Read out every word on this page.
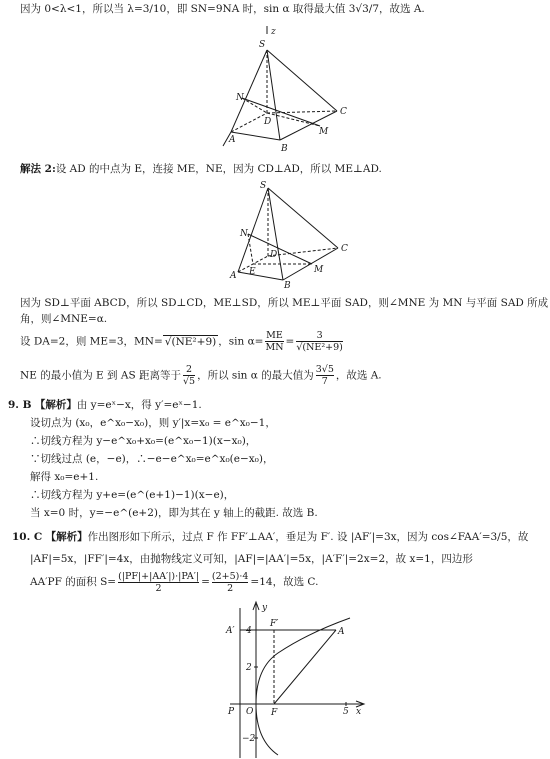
因为 0<λ<1，所以当 λ=3/10，即 SN=9NA 时，sin α 取得最大值 3√3/7，故选 A.
z
S
N
D
C
A
B
M
解法 2:设 AD 的中点为 E，连接 ME，NE，因为 CD⊥AD，所以 ME⊥AD.
S
N
D
C
A E
B
M
因为 SD⊥平面 ABCD，所以 SD⊥CD，ME⊥SD，所以 ME⊥平面 SAD，则∠MNE 为 MN 与平面 SAD 所成
角，则∠MNE=α.
设 DA=2，则 ME=3，MN= √(NE²+9) ，$\sin \alpha= \frac{ME}{MN} = \frac{3}{\text{√(NE²+9)}}$
NE 的最小值为 E 到 AS 距离等于 $\frac{2}{√5}$ ，所以 sin α 的最大值为 $\frac{3√5}{7}$ ，故选 A.
9. B 【解析】由 y=eˣ−x，得 y′=eˣ−1.
设切点为 (x₀，e^x₀−x₀)，则 y′|x=x₀ = e^x₀−1，
∴切线方程为 y−e^x₀+x₀=(e^x₀−1)(x−x₀)，
∵切线过点 (e，−e)，∴−e−e^x₀=e^x₀(e−x₀)，
解得 x₀=e+1.
∴切线方程为 y+e=(e^(e+1)−1)(x−e)，
当 x=0 时，y=−e^(e+2)，即为其在 y 轴上的截距. 故选 B.
10. C 【解析】作出图形如下所示，过点 F 作 FF′⊥AA′，垂足为 F′. 设 |AF′|=3x，因为 cos∠FAA′=3/5，故
|AF|=5x，|FF′|=4x，由抛物线定义可知，|AF|=|AA′|=5x，|A′F′|=2x=2，故 x=1，四边形
AA′PF 的面积 $S= \frac{(|PF|+|AA'|)\cdot|PA'|}{2} = \frac{(2+5)\cdot 4}{2} =14$，故选 C.
y
x
A′
F′
A
P O F
4
2
−2
5
